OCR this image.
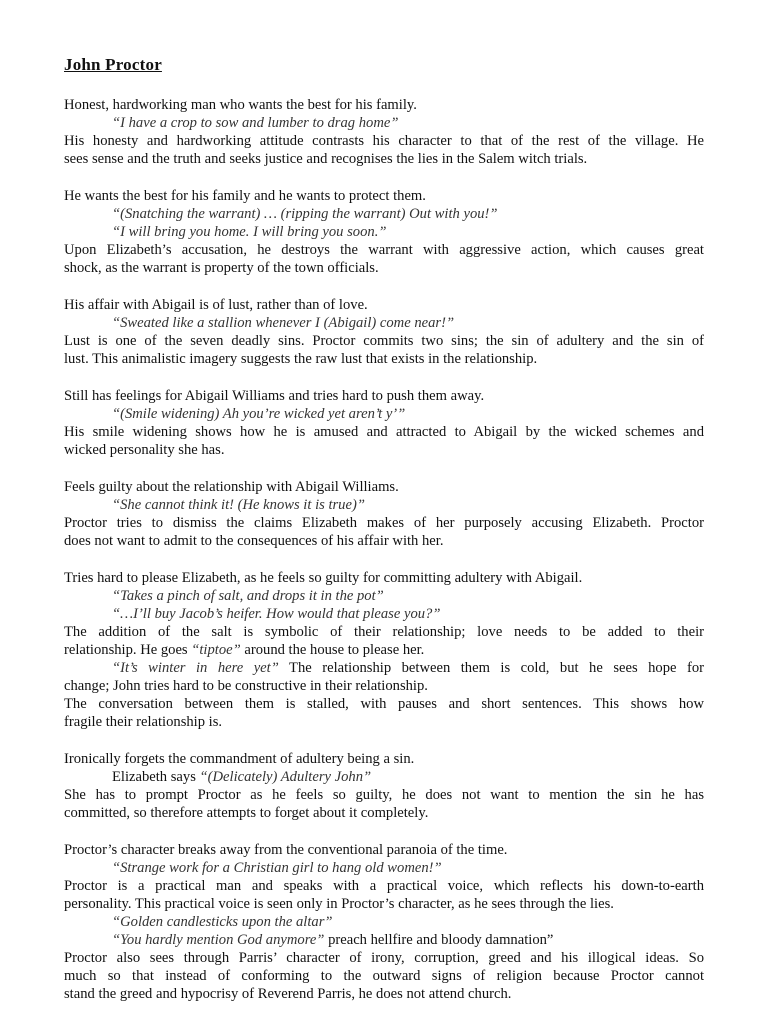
John Proctor
Honest, hardworking man who wants the best for his family.
“I have a crop to sow and lumber to drag home”
His honesty and hardworking attitude contrasts his character to that of the rest of the village. He
sees sense and the truth and seeks justice and recognises the lies in the Salem witch trials.
He wants the best for his family and he wants to protect them.
“(Snatching the warrant) … (ripping the warrant) Out with you!”
“I will bring you home. I will bring you soon.”
Upon Elizabeth’s accusation, he destroys the warrant with aggressive action, which causes great
shock, as the warrant is property of the town officials.
His affair with Abigail is of lust, rather than of love.
“Sweated like a stallion whenever I (Abigail) come near!”
Lust is one of the seven deadly sins. Proctor commits two sins; the sin of adultery and the sin of
lust. This animalistic imagery suggests the raw lust that exists in the relationship.
Still has feelings for Abigail Williams and tries hard to push them away.
“(Smile widening) Ah you’re wicked yet aren’t y’”
His smile widening shows how he is amused and attracted to Abigail by the wicked schemes and
wicked personality she has.
Feels guilty about the relationship with Abigail Williams.
“She cannot think it! (He knows it is true)”
Proctor tries to dismiss the claims Elizabeth makes of her purposely accusing Elizabeth. Proctor
does not want to admit to the consequences of his affair with her.
Tries hard to please Elizabeth, as he feels so guilty for committing adultery with Abigail.
“Takes a pinch of salt, and drops it in the pot”
“…I’ll buy Jacob’s heifer. How would that please you?”
The addition of the salt is symbolic of their relationship; love needs to be added to their
relationship. He goes “tiptoe” around the house to please her.
“It’s winter in here yet” The relationship between them is cold, but he sees hope for
change; John tries hard to be constructive in their relationship.
The conversation between them is stalled, with pauses and short sentences. This shows how
fragile their relationship is.
Ironically forgets the commandment of adultery being a sin.
Elizabeth says “(Delicately) Adultery John”
She has to prompt Proctor as he feels so guilty, he does not want to mention the sin he has
committed, so therefore attempts to forget about it completely.
Proctor’s character breaks away from the conventional paranoia of the time.
“Strange work for a Christian girl to hang old women!”
Proctor is a practical man and speaks with a practical voice, which reflects his down-to-earth
personality. This practical voice is seen only in Proctor’s character, as he sees through the lies.
“Golden candlesticks upon the altar”
“You hardly mention God anymore” preach hellfire and bloody damnation”
Proctor also sees through Parris’ character of irony, corruption, greed and his illogical ideas. So
much so that instead of conforming to the outward signs of religion because Proctor cannot
stand the greed and hypocrisy of Reverend Parris, he does not attend church.
